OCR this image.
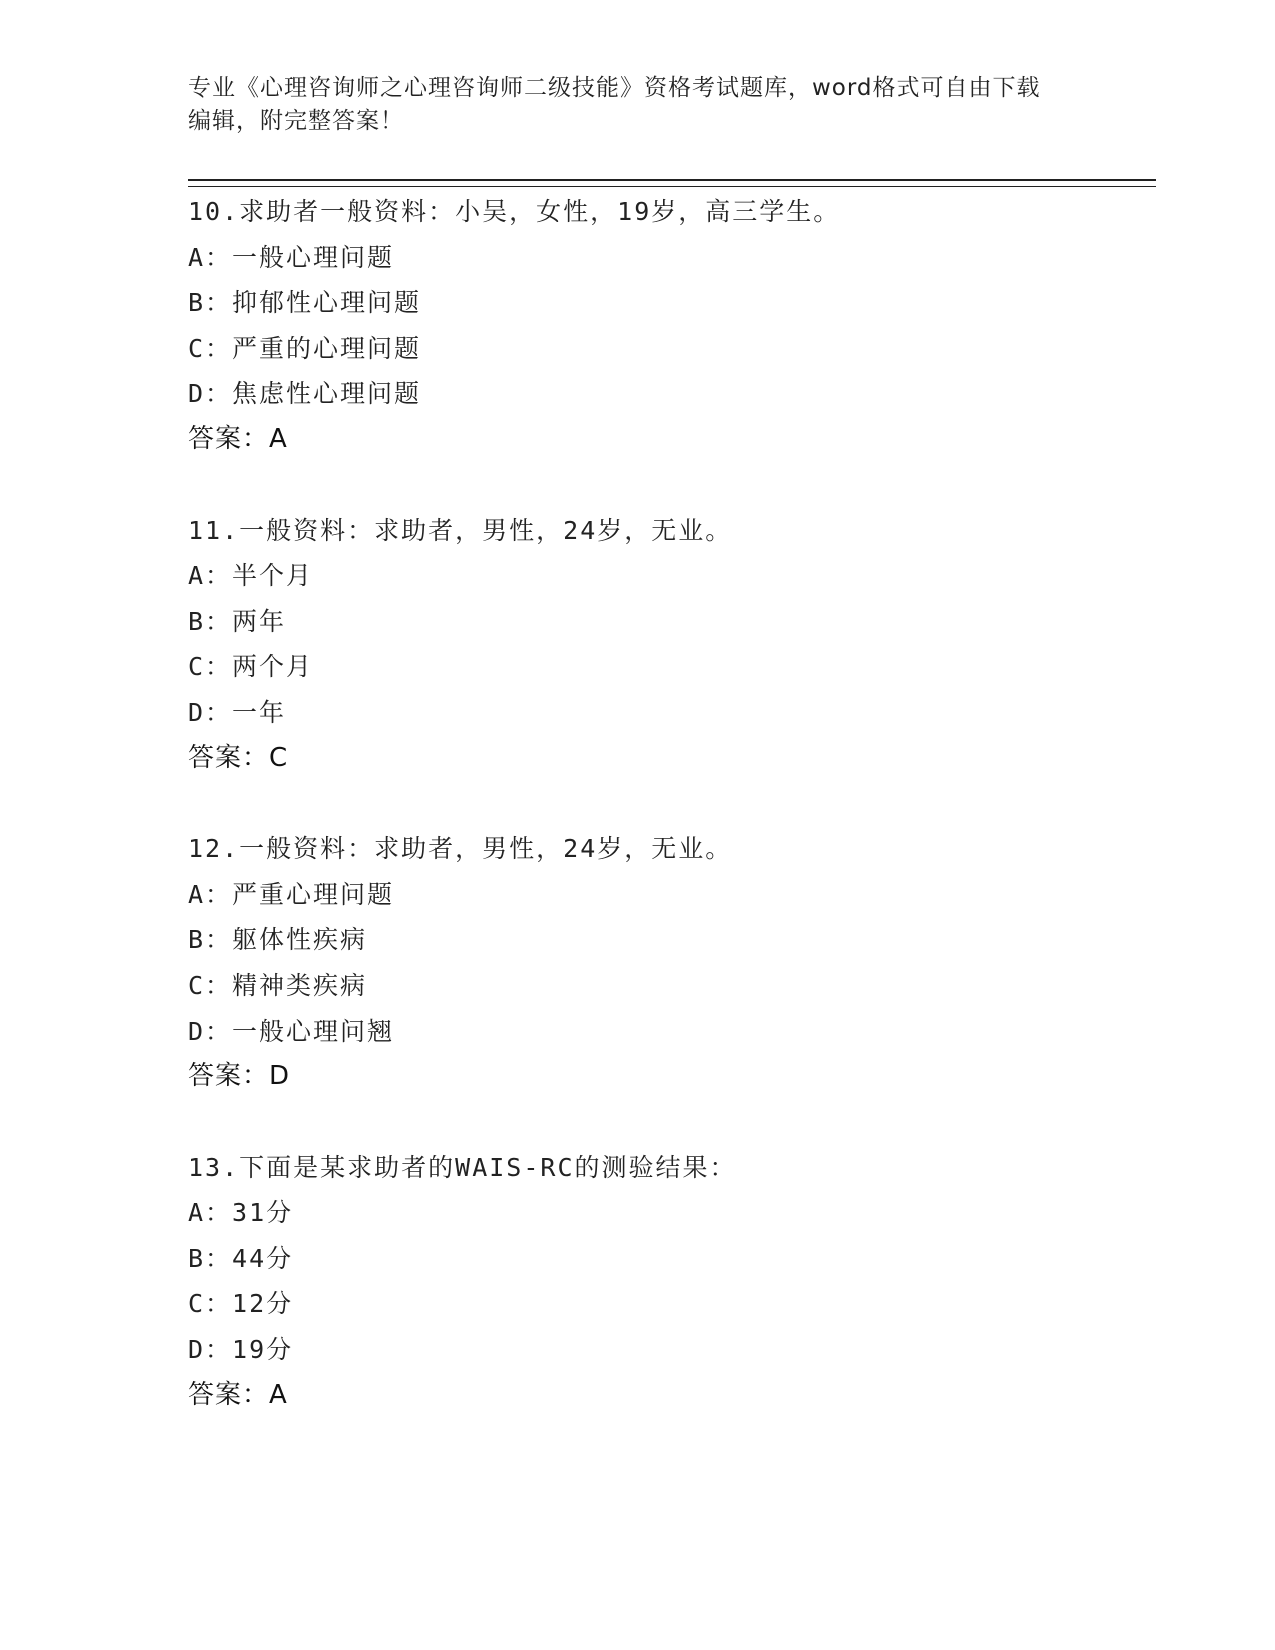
专业《心理咨询师之心理咨询师二级技能》资格考试题库，word格式可自由下载
编辑，附完整答案！
10.求助者一般资料：小吴，女性，19岁，高三学生。
A：一般心理问题
B：抑郁性心理问题
C：严重的心理问题
D：焦虑性心理问题
答案：A
11.一般资料：求助者，男性，24岁，无业。
A：半个月
B：两年
C：两个月
D：一年
答案：C
12.一般资料：求助者，男性，24岁，无业。
A：严重心理问题
B：躯体性疾病
C：精神类疾病
D：一般心理问翘
答案：D
13.下面是某求助者的WAIS-RC的测验结果：
A：31分
B：44分
C：12分
D：19分
答案：A
